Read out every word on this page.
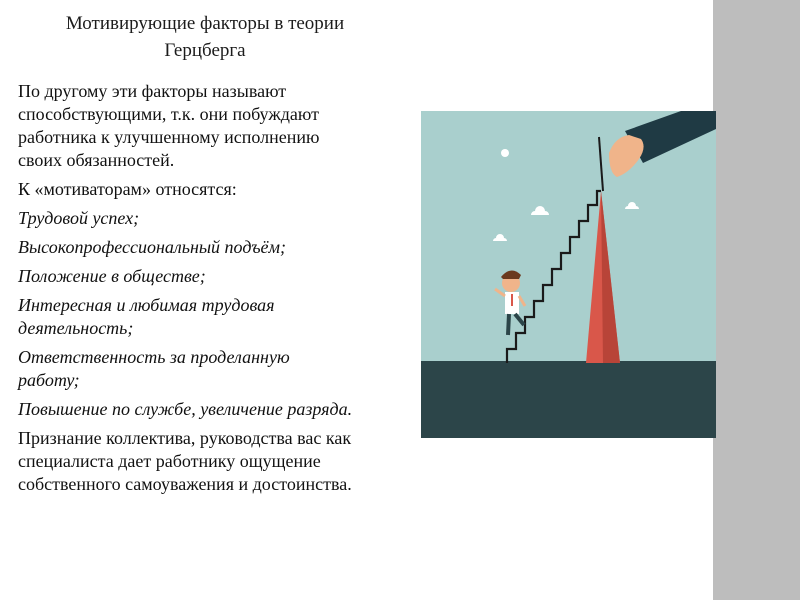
Мотивирующие факторы в теории
Герцберга
По другому эти факторы называют
способствующими, т.к. они побуждают
работника к улучшенному исполнению
своих обязанностей.
К «мотиваторам» относятся:
Трудовой успех;
Высокопрофессиональный подъём;
Положение в обществе;
Интересная и любимая трудовая
деятельность;
Ответственность за проделанную
работу;
Повышение по службе, увеличение разряда.
Признание коллектива, руководства вас как
специалиста дает работнику ощущение
собственного самоуважения и достоинства.
